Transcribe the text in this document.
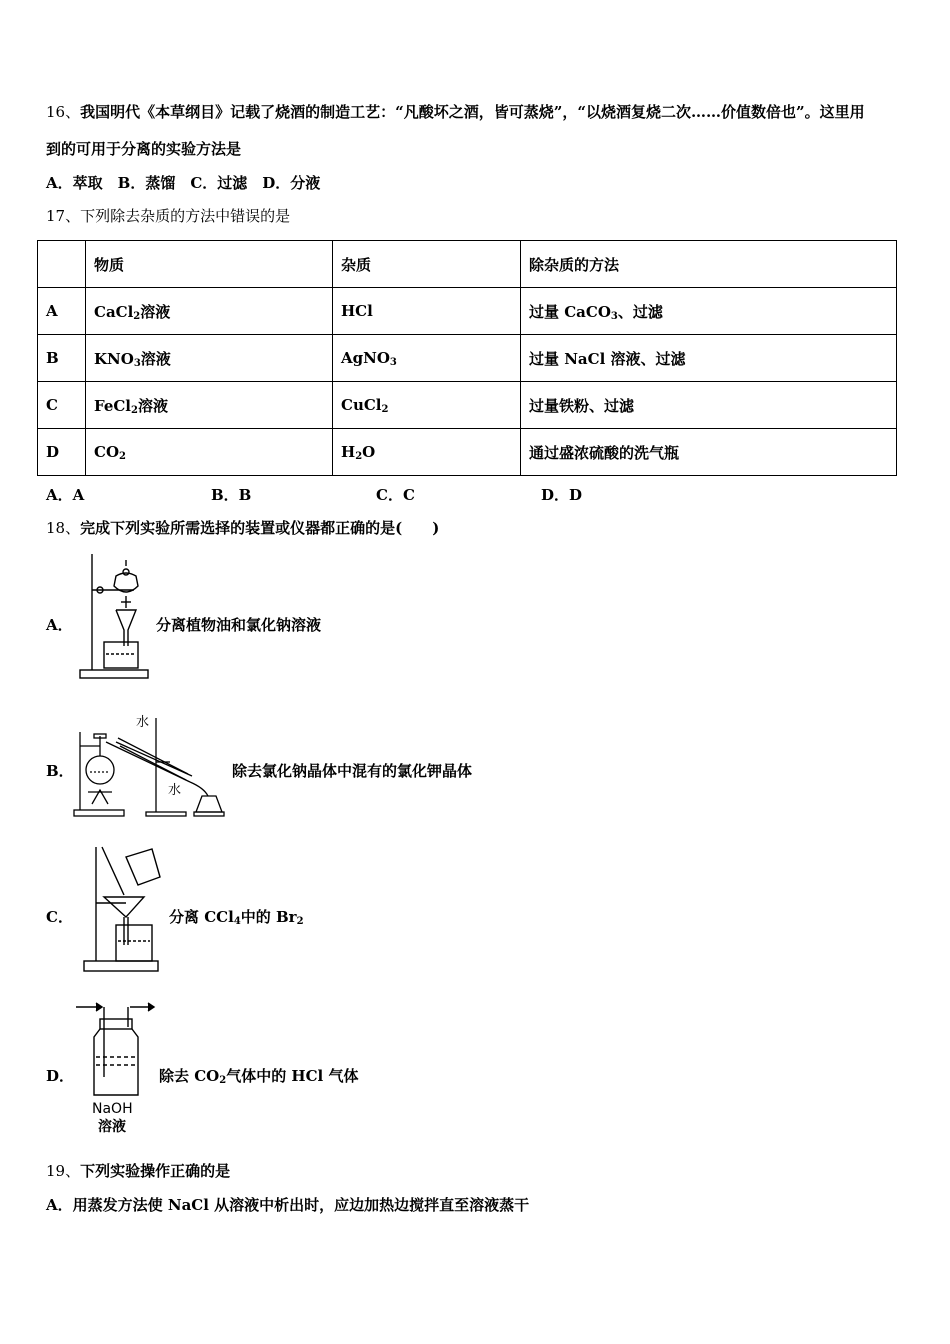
16、我国明代《本草纲目》记载了烧酒的制造工艺：“凡酸坏之酒，皆可蒸烧”，“以烧酒复烧二次……价值数倍也”。这里用
到的可用于分离的实验方法是
A．萃取　B．蒸馏　C．过滤　D．分液
17、下列除去杂质的方法中错误的是
	物质	杂质	除杂质的方法
A	CaCl$_2$溶液	HCl	过量 CaCO$_3$、过滤
B	$KNO_3$溶液	AgNO$_3$	过量 NaCl 溶液、过滤
C	FeCl$_2$溶液	CuCl$_2$	过量铁粉、过滤
D	$CO_2$	$H_2O$	通过盛浓硫酸的洗气瓶
A．A	B．B	C．C	D．D
18、完成下列实验所需选择的装置或仪器都正确的是(　　)
A．	分离植物油和氯化钠溶液
B．
水
水
除去氯化钠晶体中混有的氯化钾晶体
C．	分离 CCl$_4$中的 $Br_2$
D．
NaOH
溶液
除去 $CO_2$气体中的 HCl 气体
19、下列实验操作正确的是
A．用蒸发方法使 NaCl 从溶液中析出时，应边加热边搅拌直至溶液蒸干
